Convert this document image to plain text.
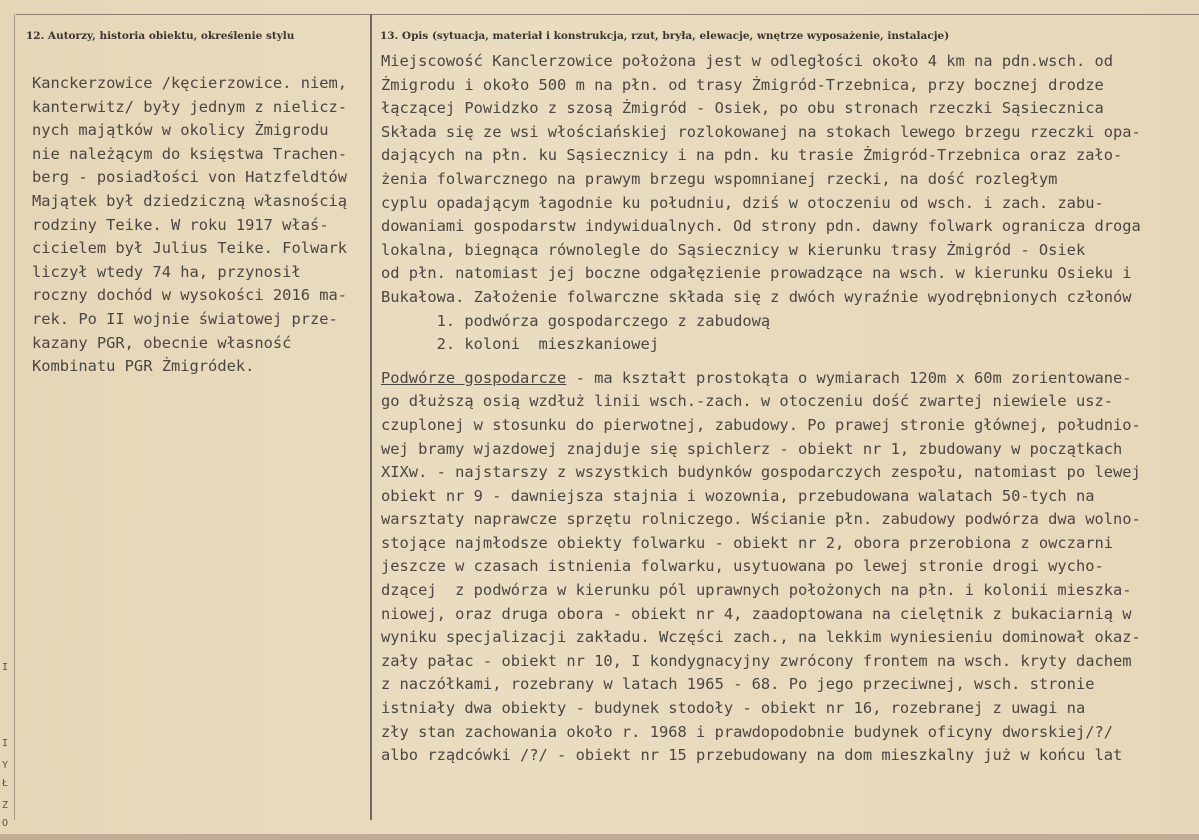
12. Autorzy, historia obiektu, określenie stylu	13. Opis (sytuacja, materiał i konstrukcja, rzut, bryła, elewacje, wnętrze wyposażenie, instalacje)
Kanckerzowice /kęcierzowice. niem,
kanterwitz/ były jednym z nielicz-
nych majątków w okolicy Żmigrodu
nie należącym do księstwa Trachen-
berg - posiadłości von Hatzfeldtów
Majątek był dziedziczną własnością
rodziny Teike. W roku 1917 właś-
cicielem był Julius Teike. Folwark
liczył wtedy 74 ha, przynosił
roczny dochód w wysokości 2016 ma-
rek. Po II wojnie światowej prze-
kazany PGR, obecnie własność
Kombinatu PGR Żmigródek.
Miejscowość Kanclerzowice położona jest w odległości około 4 km na pdn.wsch. od
Żmigrodu i około 500 m na płn. od trasy Żmigród-Trzebnica, przy bocznej drodze
łączącej Powidzko z szosą Żmigród - Osiek, po obu stronach rzeczki Sąsiecznica
Składa się ze wsi włościańskiej rozlokowanej na stokach lewego brzegu rzeczki opa-
dających na płn. ku Sąsiecznicy i na pdn. ku trasie Żmigród-Trzebnica oraz zało-
żenia folwarcznego na prawym brzegu wspomnianej rzecki, na dość rozległym
cyplu opadającym łagodnie ku południu, dziś w otoczeniu od wsch. i zach. zabu-
dowaniami gospodarstw indywidualnych. Od strony pdn. dawny folwark ogranicza droga
lokalna, biegnąca równolegle do Sąsiecznicy w kierunku trasy Żmigród - Osiek
od płn. natomiast jej boczne odgałęzienie prowadzące na wsch. w kierunku Osieku i
Bukałowa. Założenie folwarczne składa się z dwóch wyraźnie wyodrębnionych członów
1. podwórza gospodarczego z zabudową
2. koloni  mieszkaniowej
Podwórze gospodarcze - ma kształt prostokąta o wymiarach 120m x 60m zorientowane-
go dłuższą osią wzdłuż linii wsch.-zach. w otoczeniu dość zwartej niewiele usz-
czuplonej w stosunku do pierwotnej, zabudowy. Po prawej stronie głównej, południo-
wej bramy wjazdowej znajduje się spichlerz - obiekt nr 1, zbudowany w początkach
XIXw. - najstarszy z wszystkich budynków gospodarczych zespołu, natomiast po lewej
obiekt nr 9 - dawniejsza stajnia i wozownia, przebudowana walatach 50-tych na
warsztaty naprawcze sprzętu rolniczego. Wścianie płn. zabudowy podwórza dwa wolno-
stojące najmłodsze obiekty folwarku - obiekt nr 2, obora przerobiona z owczarni
jeszcze w czasach istnienia folwarku, usytuowana po lewej stronie drogi wycho-
dzącej  z podwórza w kierunku pól uprawnych położonych na płn. i kolonii mieszka-
niowej, oraz druga obora - obiekt nr 4, zaadoptowana na cielętnik z bukaciarnią w
wyniku specjalizacji zakładu. Wczęści zach., na lekkim wyniesieniu dominował okaz-
zały pałac - obiekt nr 10, I kondygnacyjny zwrócony frontem na wsch. kryty dachem
z naczółkami, rozebrany w latach 1965 - 68. Po jego przeciwnej, wsch. stronie
istniały dwa obiekty - budynek stodoły - obiekt nr 16, rozebranej z uwagi na
zły stan zachowania około r. 1968 i prawdopodobnie budynek oficyny dworskiej/?/
albo rządcówki /?/ - obiekt nr 15 przebudowany na dom mieszkalny już w końcu lat
I
I
Y
Ł
Z
O
